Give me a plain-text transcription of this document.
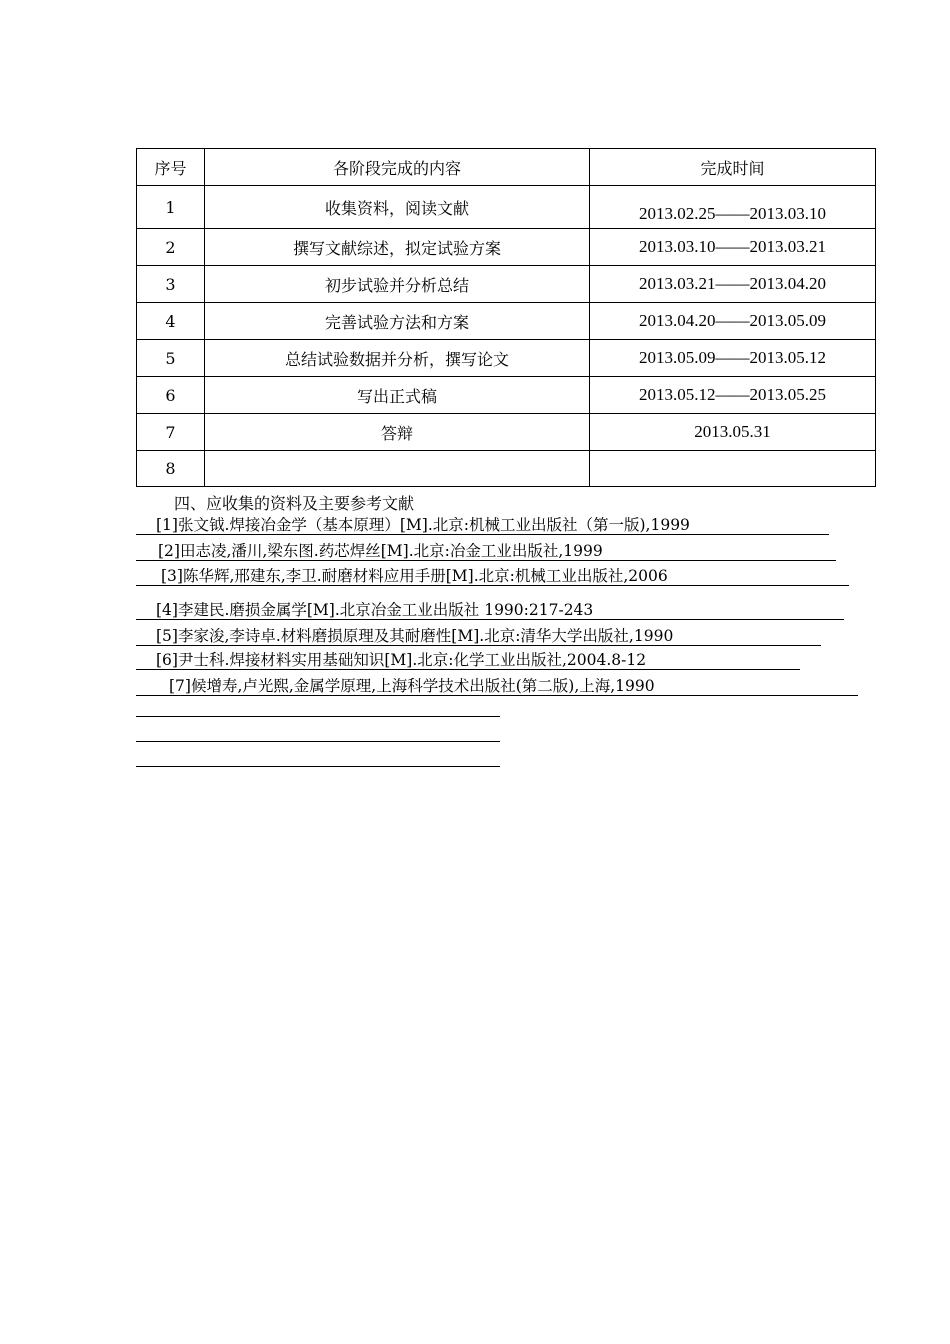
序号	各阶段完成的内容	完成时间
1	收集资料，阅读文献	2013.02.25——2013.03.10
2	撰写文献综述，拟定试验方案	2013.03.10——2013.03.21
3	初步试验并分析总结	2013.03.21——2013.04.20
4	完善试验方法和方案	2013.04.20——2013.05.09
5	总结试验数据并分析，撰写论文	2013.05.09——2013.05.12
6	写出正式稿	2013.05.12——2013.05.25
7	答辩	2013.05.31
8		
四、应收集的资料及主要参考文献
[1]张文钺.焊接冶金学（基本原理）[M].北京:机械工业出版社（第一版),1999
[2]田志凌,潘川,梁东图.药芯焊丝[M].北京:冶金工业出版社,1999
[3]陈华辉,邢建东,李卫.耐磨材料应用手册[M].北京:机械工业出版社,2006
[4]李建民.磨损金属学[M].北京冶金工业出版社 1990:217-243
[5]李家浚,李诗卓.材料磨损原理及其耐磨性[M].北京:清华大学出版社,1990
[6]尹士科.焊接材料实用基础知识[M].北京:化学工业出版社,2004.8-12
[7]候增寿,卢光熙,金属学原理,上海科学技术出版社(第二版),上海,1990
